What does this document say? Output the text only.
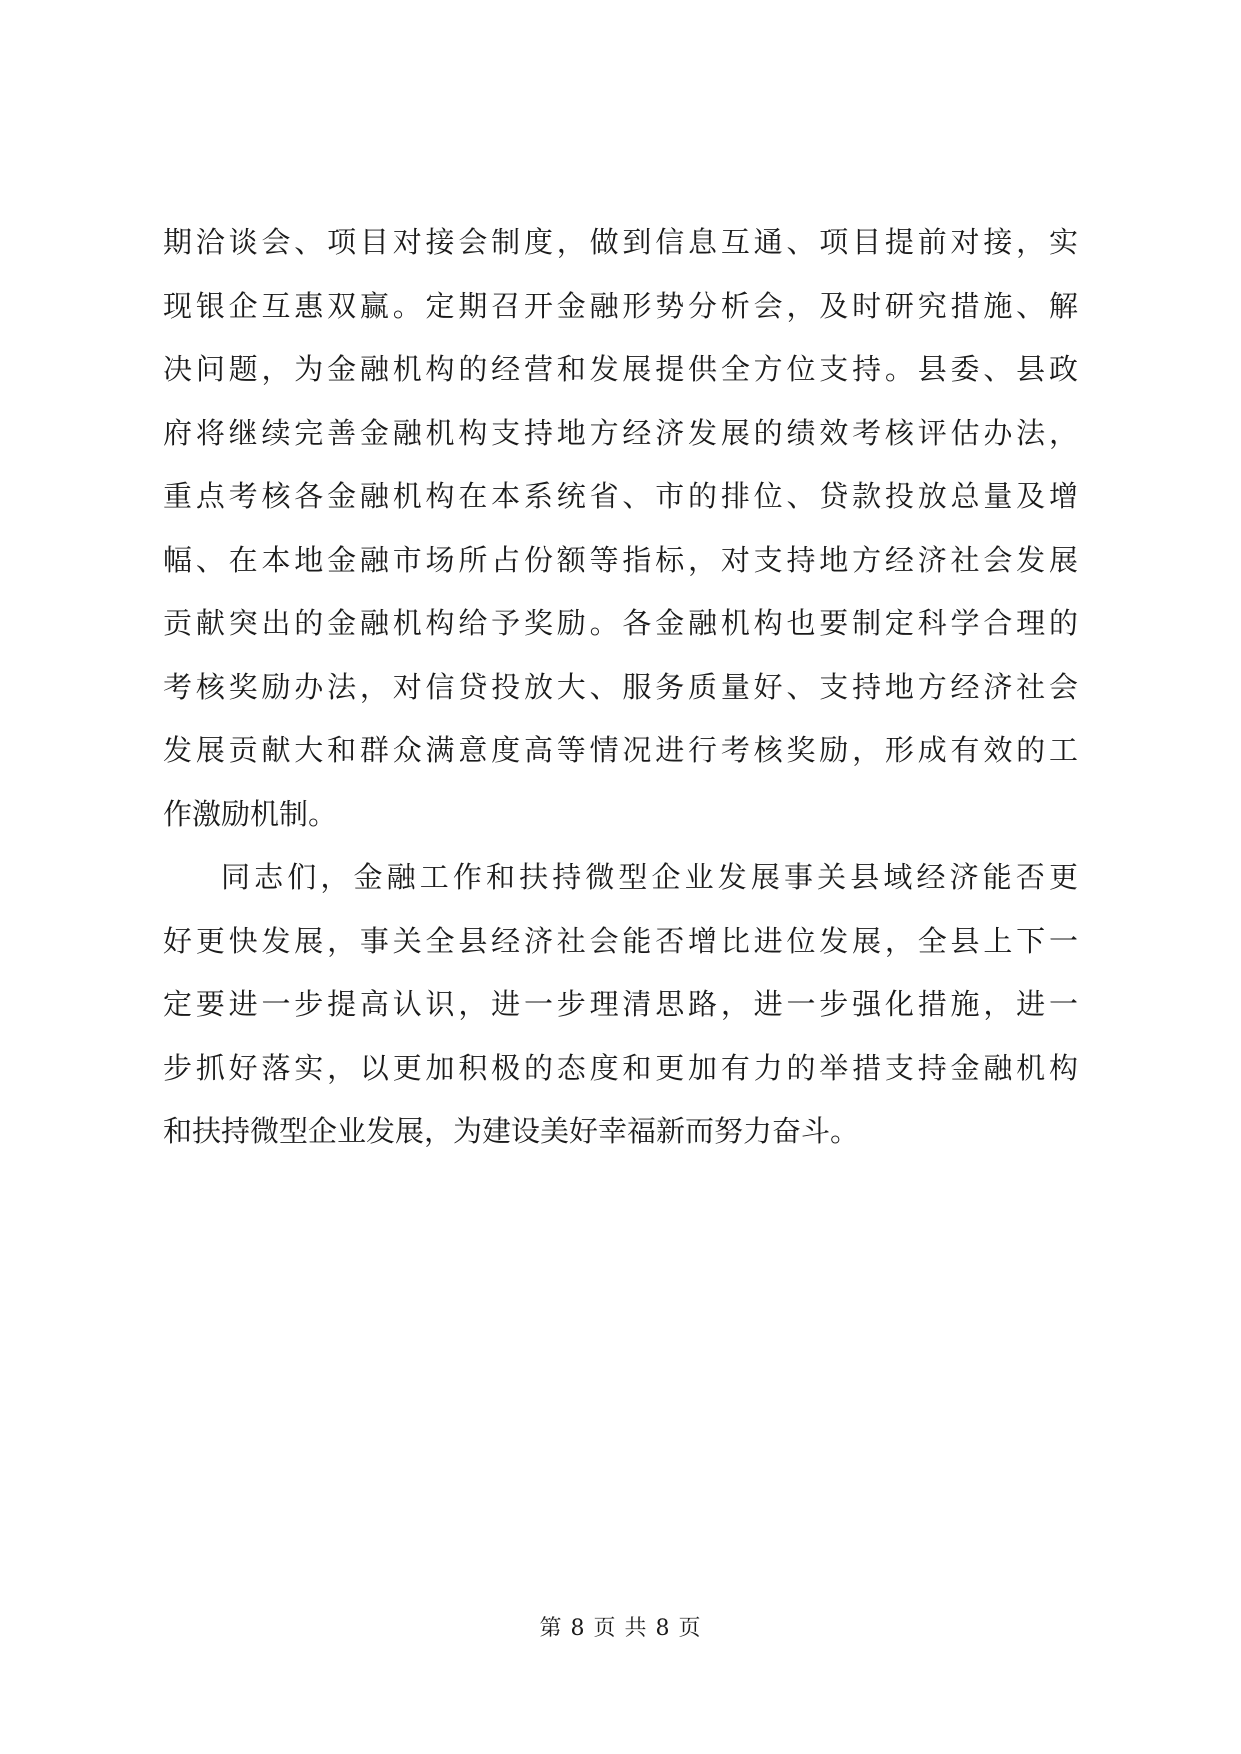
期洽谈会、项目对接会制度，做到信息互通、项目提前对接，实
现银企互惠双赢。定期召开金融形势分析会，及时研究措施、解
决问题，为金融机构的经营和发展提供全方位支持。县委、县政
府将继续完善金融机构支持地方经济发展的绩效考核评估办法，
重点考核各金融机构在本系统省、市的排位、贷款投放总量及增
幅、在本地金融市场所占份额等指标，对支持地方经济社会发展
贡献突出的金融机构给予奖励。各金融机构也要制定科学合理的
考核奖励办法，对信贷投放大、服务质量好、支持地方经济社会
发展贡献大和群众满意度高等情况进行考核奖励，形成有效的工
作激励机制。
同志们，金融工作和扶持微型企业发展事关县域经济能否更
好更快发展，事关全县经济社会能否增比进位发展，全县上下一
定要进一步提高认识，进一步理清思路，进一步强化措施，进一
步抓好落实，以更加积极的态度和更加有力的举措支持金融机构
和扶持微型企业发展，为建设美好幸福新而努力奋斗。
第 8 页 共 8 页
